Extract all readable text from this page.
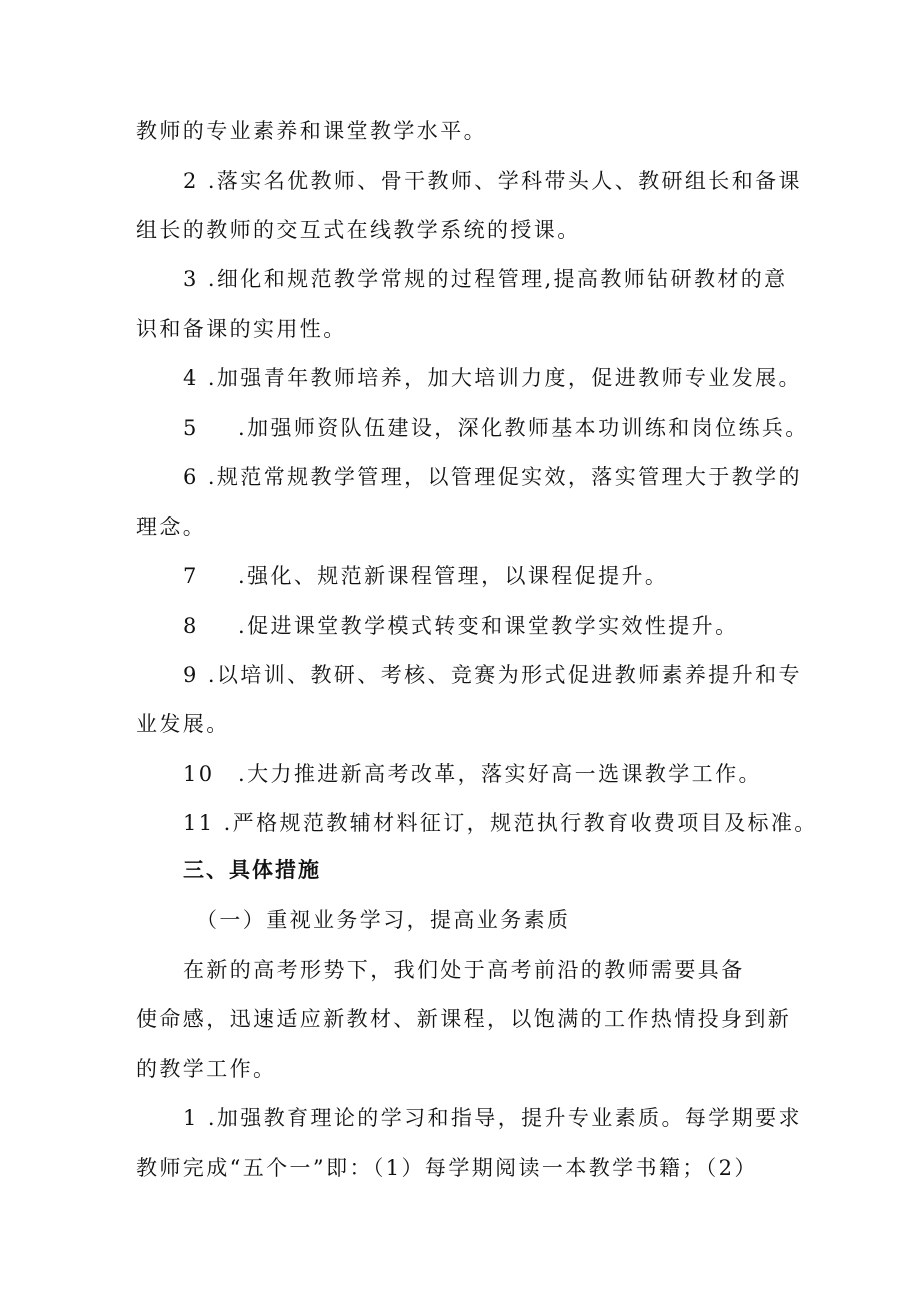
教师的专业素养和课堂教学水平。
2 .落实名优教师、骨干教师、学科带头人、教研组长和备课
组长的教师的交互式在线教学系统的授课。
3 .细化和规范教学常规的过程管理,提高教师钻研教材的意
识和备课的实用性。
4 .加强青年教师培养，加大培训力度，促进教师专业发展。
5 .加强师资队伍建设，深化教师基本功训练和岗位练兵。
6 .规范常规教学管理，以管理促实效，落实管理大于教学的
理念。
7 .强化、规范新课程管理，以课程促提升。
8 .促进课堂教学模式转变和课堂教学实效性提升。
9 .以培训、教研、考核、竞赛为形式促进教师素养提升和专
业发展。
10 .大力推进新高考改革，落实好高一选课教学工作。
11 .严格规范教辅材料征订，规范执行教育收费项目及标准。
三、具体措施
（一）重视业务学习，提高业务素质
在新的高考形势下，我们处于高考前沿的教师需要具备
使命感，迅速适应新教材、新课程，以饱满的工作热情投身到新
的教学工作。
1 .加强教育理论的学习和指导，提升专业素质。每学期要求
教师完成“五个一”即：（1）每学期阅读一本教学书籍；（2）
